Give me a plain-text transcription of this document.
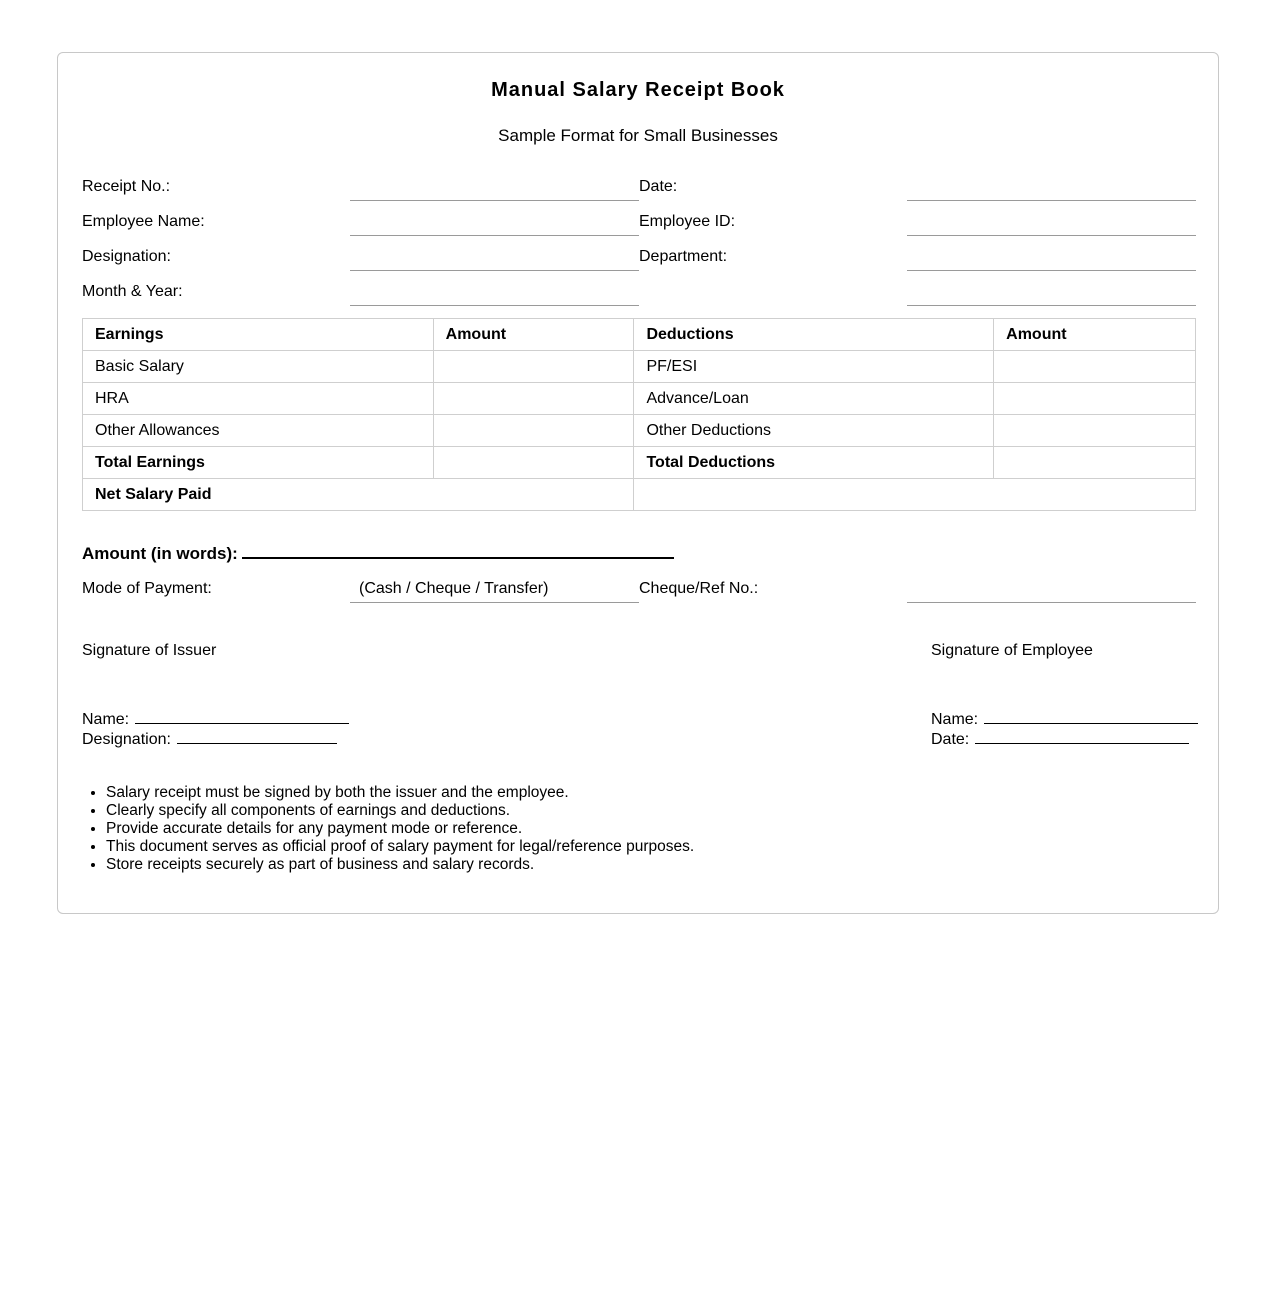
Manual Salary Receipt Book
Sample Format for Small Businesses
Receipt No.:	Date:
Employee Name:	Employee ID:
Designation:	Department:
Month & Year:
Earnings	Amount	Deductions	Amount
Basic Salary		PF/ESI	
HRA		Advance/Loan	
Other Allowances		Other Deductions	
Total Earnings		Total Deductions	
Net Salary Paid			
Amount (in words):
Mode of Payment:	(Cash / Cheque / Transfer)	Cheque/Ref No.:
Signature of Issuer	Signature of Employee
Name:
Designation:
Name:
Date:
• Salary receipt must be signed by both the issuer and the employee.
• Clearly specify all components of earnings and deductions.
• Provide accurate details for any payment mode or reference.
• This document serves as official proof of salary payment for legal/reference purposes.
• Store receipts securely as part of business and salary records.
